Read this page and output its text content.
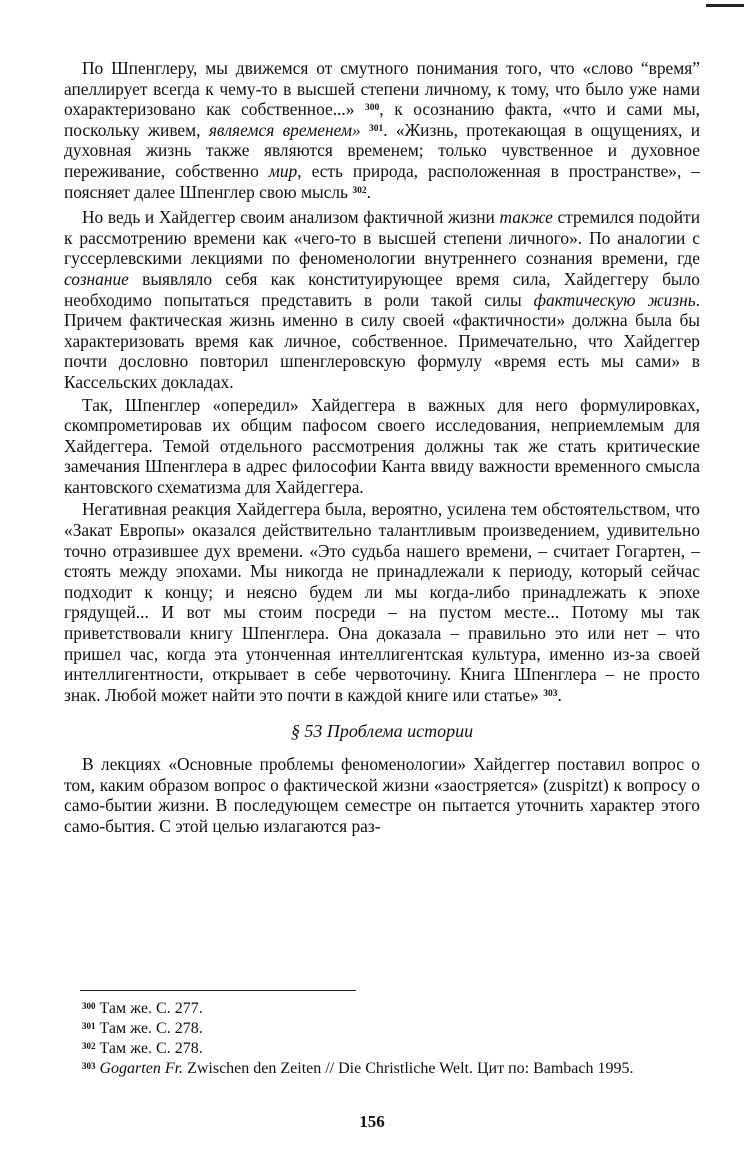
По Шпенглеру, мы движемся от смутного понимания того, что «слово “время” апеллирует всегда к чему-то в высшей степени личному, к тому, что было уже нами охарактеризовано как собственное...» $^{300}$, к осознанию факта, «что и сами мы, поскольку живем, являемся временем» $^{301}$. «Жизнь, протекающая в ощущениях, и духовная жизнь также являются временем; только чувственное и духовное переживание, собственно мир, есть природа, расположенная в пространстве», – поясняет далее Шпенглер свою мысль $^{302}$.

Но ведь и Хайдеггер своим анализом фактичной жизни также стремился подойти к рассмотрению времени как «чего-то в высшей степени личного». По аналогии с гуссерлевскими лекциями по феноменологии внутреннего сознания времени, где сознание выявляло себя как конституирующее время сила, Хайдеггеру было необходимо попытаться представить в роли такой силы фактическую жизнь. Причем фактическая жизнь именно в силу своей «фактичности» должна была бы характеризовать время как личное, собственное. Примечательно, что Хайдеггер почти дословно повторил шпенглеровскую формулу «время есть мы сами» в Кассельских докладах.

Так, Шпенглер «опередил» Хайдеггера в важных для него формулировках, скомпрометировав их общим пафосом своего исследования, неприемлемым для Хайдеггера. Темой отдельного рассмотрения должны так же стать критические замечания Шпенглера в адрес философии Канта ввиду важности временного смысла кантовского схематизма для Хайдеггера.

Негативная реакция Хайдеггера была, вероятно, усилена тем обстоятельством, что «Закат Европы» оказался действительно талантливым произведением, удивительно точно отразившее дух времени. «Это судьба нашего времени, – считает Гогартен, – стоять между эпохами. Мы никогда не принадлежали к периоду, который сейчас подходит к концу; и неясно будем ли мы когда-либо принадлежать к эпохе грядущей... И вот мы стоим посреди – на пустом месте... Потому мы так приветствовали книгу Шпенглера. Она доказала – правильно это или нет – что пришел час, когда эта утонченная интеллигентская культура, именно из-за своей интеллигентности, открывает в себе червоточину. Книга Шпенглера – не просто знак. Любой может найти это почти в каждой книге или статье» $^{303}$.

§ 53 Проблема истории

В лекциях «Основные проблемы феноменологии» Хайдеггер поставил вопрос о том, каким образом вопрос о фактической жизни «заостряется» (zuspitzt) к вопросу о само-бытии жизни. В последующем семестре он пытается уточнить характер этого само-бытия. С этой целью излагаются раз-

$^{300}$ Там же. С. 277.

$^{301}$ Там же. С. 278.

$^{302}$ Там же. С. 278.

$^{303}$ Gogarten Fr. Zwischen den Zeiten // Die Christliche Welt. Цит по: Bambach 1995.

156
